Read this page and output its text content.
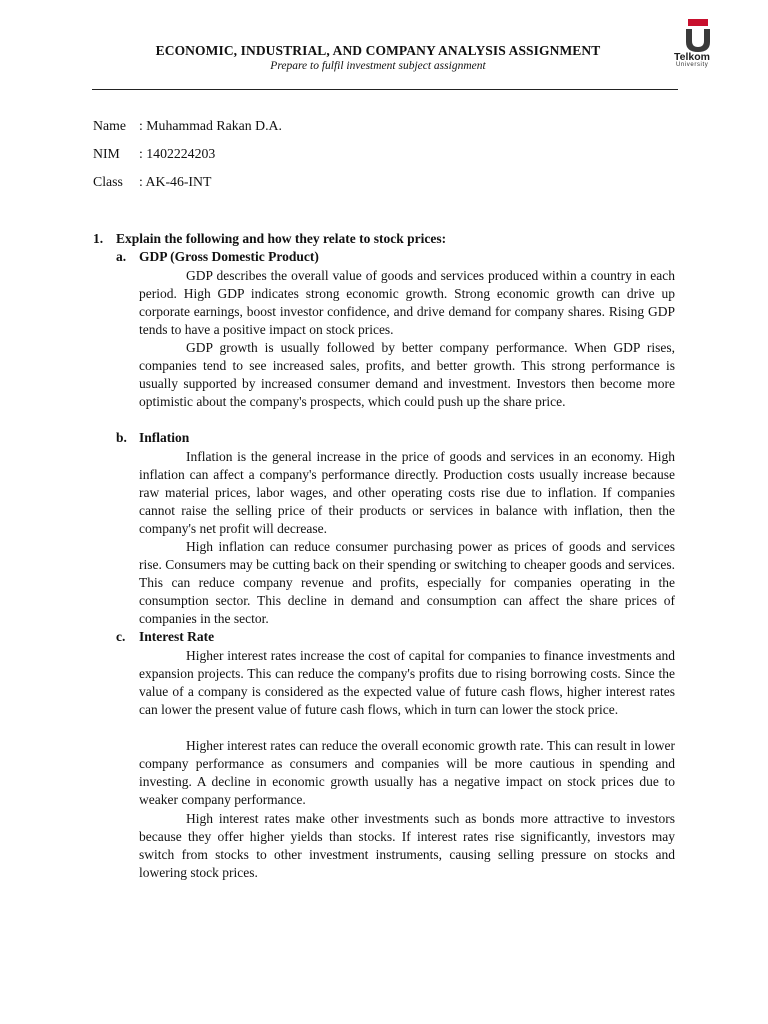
ECONOMIC, INDUSTRIAL, AND COMPANY ANALYSIS ASSIGNMENT
Prepare to fulfil investment subject assignment
Telkom
University
Name : Muhammad Rakan D.A.
NIM : 1402224203
Class : AK-46-INT
1. Explain the following and how they relate to stock prices:
a. GDP (Gross Domestic Product)

GDP describes the overall value of goods and services produced within a country in each period. High GDP indicates strong economic growth. Strong economic growth can drive up corporate earnings, boost investor confidence, and drive demand for company shares. Rising GDP tends to have a positive impact on stock prices.

GDP growth is usually followed by better company performance. When GDP rises, companies tend to see increased sales, profits, and better growth. This strong performance is usually supported by increased consumer demand and investment. Investors then become more optimistic about the company's prospects, which could push up the share price.

b. Inflation

Inflation is the general increase in the price of goods and services in an economy. High inflation can affect a company's performance directly. Production costs usually increase because raw material prices, labor wages, and other operating costs rise due to inflation. If companies cannot raise the selling price of their products or services in balance with inflation, then the company's net profit will decrease.

High inflation can reduce consumer purchasing power as prices of goods and services rise. Consumers may be cutting back on their spending or switching to cheaper goods and services. This can reduce company revenue and profits, especially for companies operating in the consumption sector. This decline in demand and consumption can affect the share prices of companies in the sector.

c. Interest Rate

Higher interest rates increase the cost of capital for companies to finance investments and expansion projects. This can reduce the company's profits due to rising borrowing costs. Since the value of a company is considered as the expected value of future cash flows, higher interest rates can lower the present value of future cash flows, which in turn can lower the stock price.

Higher interest rates can reduce the overall economic growth rate. This can result in lower company performance as consumers and companies will be more cautious in spending and investing. A decline in economic growth usually has a negative impact on stock prices due to weaker company performance.

High interest rates make other investments such as bonds more attractive to investors because they offer higher yields than stocks. If interest rates rise significantly, investors may switch from stocks to other investment instruments, causing selling pressure on stocks and lowering stock prices.
